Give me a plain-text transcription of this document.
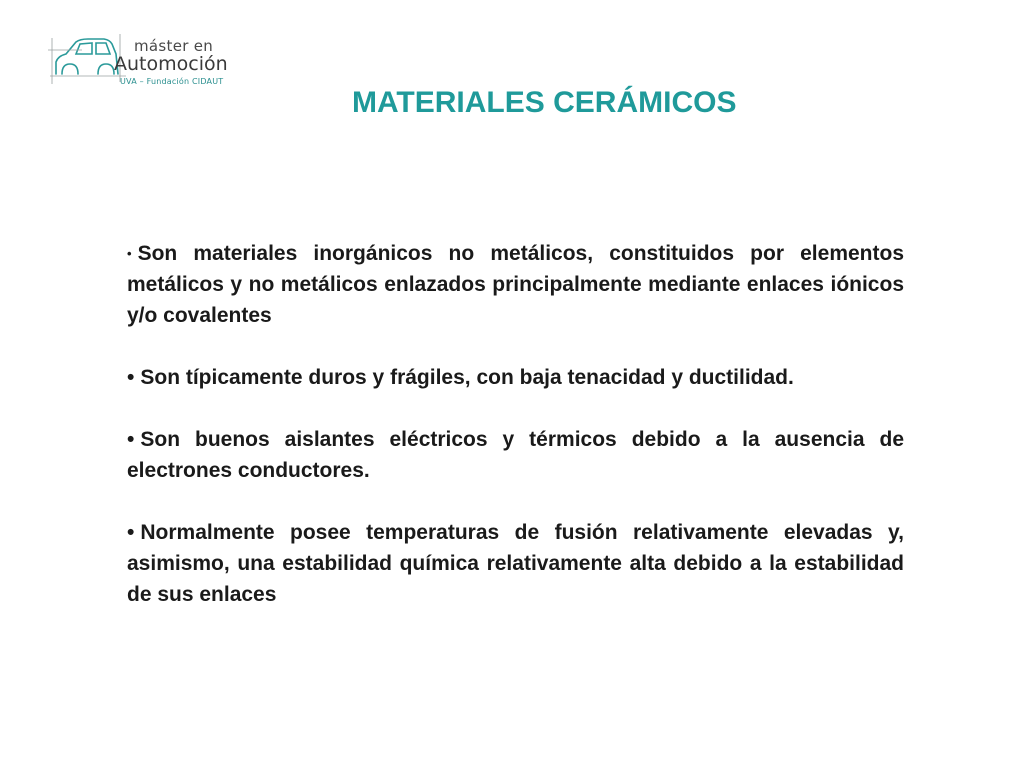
máster en
Automoción
UVA – Fundación CIDAUT
MATERIALES CERÁMICOS

• Son materiales inorgánicos no metálicos, constituidos por elementos metálicos y no metálicos enlazados principalmente mediante enlaces iónicos y/o covalentes

• Son típicamente duros y frágiles, con baja tenacidad y ductilidad.

• Son buenos aislantes eléctricos y térmicos debido a la ausencia de electrones conductores.

• Normalmente posee temperaturas de fusión relativamente elevadas y, asimismo, una estabilidad química relativamente alta debido a la estabilidad de sus enlaces
